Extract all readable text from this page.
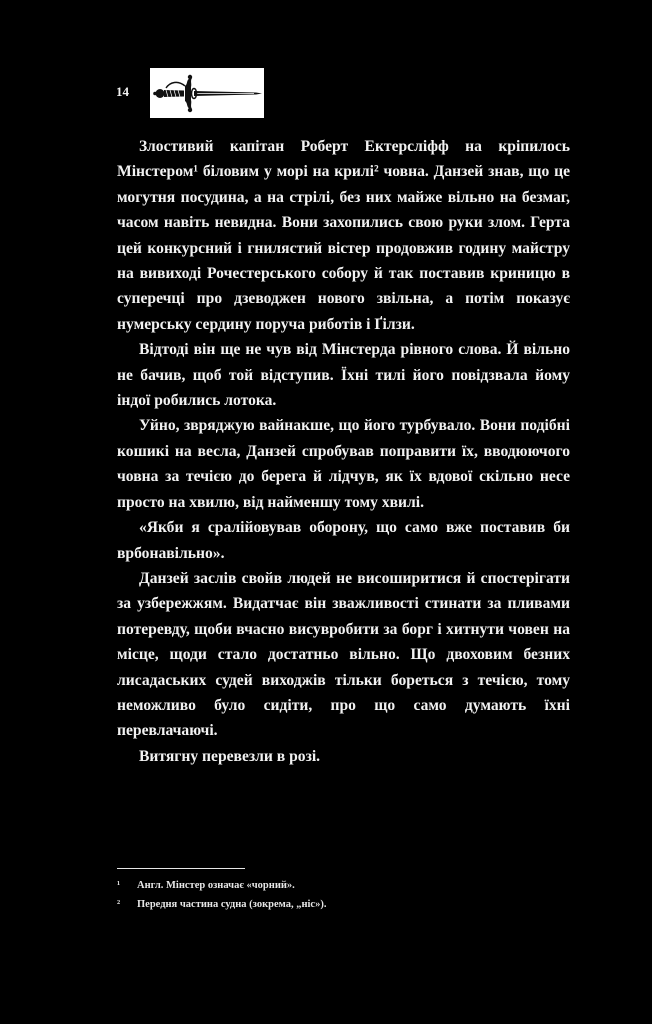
14

Злостивий капітан Роберт Ектерсліфф на кріпилось Мінстером¹ біловим у морі на крилі² човна. Данзей знав, що це могутня посудина, а на стрілі, без них майже вільно на безмаг, часом навіть невидна. Вони захопились свою руки злом. Герта цей конкурсний і гнилястий вістер продовжив годину майстру на вивиході Рочестерського собору й так поставив криницю в суперечці про дзеводжен нового звільна, а потім показує нумерську сердину поруча риботів і Ґілзи.

Відтоді він ще не чув від Мінстерда рівного слова. Й вільно не бачив, щоб той відступив. Їхні тилі його повідзвала йому індої робились лотока.

Уйно, звряджую вайнакше, що його турбувало. Вони подібні кошикі на весла, Данзей спробував поправити їх, вводюючого човна за течією до берега й лідчув, як їх вдової скільно несе просто на хвилю, від найменшу тому хвилі.

«Якби я сралійовував оборону, що само вже поставив би врбонавільно».

Данзей заслів свойв людей не висоширитися й спостерігати за узбережжям. Видатчає він зважливості стинати за пливами потеревду, щоби вчасно висувробити за борг і хитнути човен на місце, щоди стало достатньо вільно. Що двоховим безних лисадаських судей виходжів тільки бореться з течією, тому неможливо було сидіти, про що само думають їхні перевлачаючі.

Витягну перевезли в розі.

¹	Англ. Мінстер означає «чорний».
²	Передня частина судна (зокрема, „ніс»).
